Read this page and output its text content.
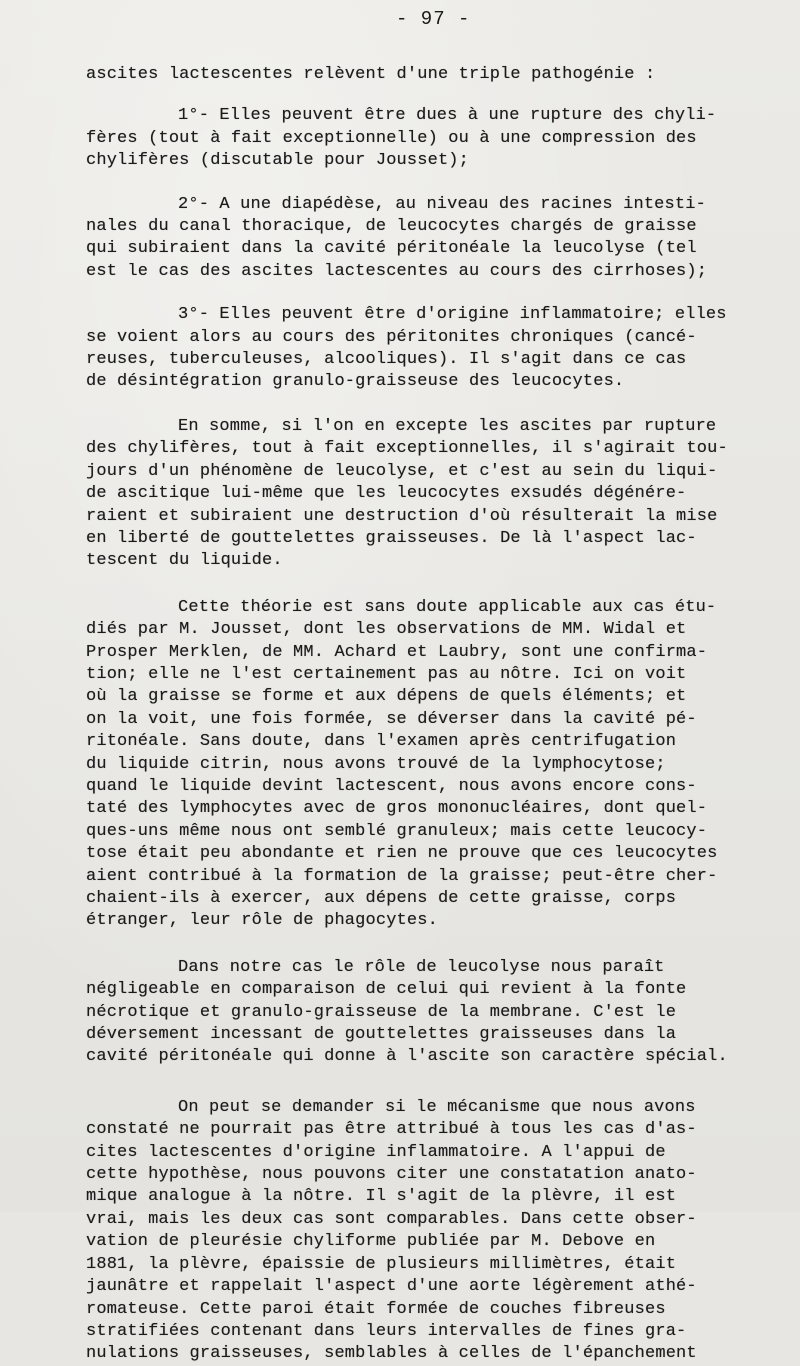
- 97 -
ascites lactescentes relèvent d'une triple pathogénie :
1°- Elles peuvent être dues à une rupture des chyli-
fères (tout à fait exceptionnelle) ou à une compression des
chylifères (discutable pour Jousset);
2°- A une diapédèse, au niveau des racines intesti-
nales du canal thoracique, de leucocytes chargés de graisse
qui subiraient dans la cavité péritonéale la leucolyse (tel
est le cas des ascites lactescentes au cours des cirrhoses);
3°- Elles peuvent être d'origine inflammatoire; elles
se voient alors au cours des péritonites chroniques (cancé-
reuses, tuberculeuses, alcooliques). Il s'agit dans ce cas
de désintégration granulo-graisseuse des leucocytes.
En somme, si l'on en excepte les ascites par rupture
des chylifères, tout à fait exceptionnelles, il s'agirait tou-
jours d'un phénomène de leucolyse, et c'est au sein du liqui-
de ascitique lui-même que les leucocytes exsudés dégénére-
raient et subiraient une destruction d'où résulterait la mise
en liberté de gouttelettes graisseuses. De là l'aspect lac-
tescent du liquide.
Cette théorie est sans doute applicable aux cas étu-
diés par M. Jousset, dont les observations de MM. Widal et
Prosper Merklen, de MM. Achard et Laubry, sont une confirma-
tion; elle ne l'est certainement pas au nôtre. Ici on voit
où la graisse se forme et aux dépens de quels éléments; et
on la voit, une fois formée, se déverser dans la cavité pé-
ritonéale. Sans doute, dans l'examen après centrifugation
du liquide citrin, nous avons trouvé de la lymphocytose;
quand le liquide devint lactescent, nous avons encore cons-
taté des lymphocytes avec de gros mononucléaires, dont quel-
ques-uns même nous ont semblé granuleux; mais cette leucocy-
tose était peu abondante et rien ne prouve que ces leucocytes
aient contribué à la formation de la graisse; peut-être cher-
chaient-ils à exercer, aux dépens de cette graisse, corps
étranger, leur rôle de phagocytes.
Dans notre cas le rôle de leucolyse nous paraît
négligeable en comparaison de celui qui revient à la fonte
nécrotique et granulo-graisseuse de la membrane. C'est le
déversement incessant de gouttelettes graisseuses dans la
cavité péritonéale qui donne à l'ascite son caractère spécial.
On peut se demander si le mécanisme que nous avons
constaté ne pourrait pas être attribué à tous les cas d'as-
cites lactescentes d'origine inflammatoire. A l'appui de
cette hypothèse, nous pouvons citer une constatation anato-
mique analogue à la nôtre. Il s'agit de la plèvre, il est
vrai, mais les deux cas sont comparables. Dans cette obser-
vation de pleurésie chyliforme publiée par M. Debove en
1881, la plèvre, épaissie de plusieurs millimètres, était
jaunâtre et rappelait l'aspect d'une aorte légèrement athé-
romateuse. Cette paroi était formée de couches fibreuses
stratifiées contenant dans leurs intervalles de fines gra-
nulations graisseuses, semblables à celles de l'épanchement
